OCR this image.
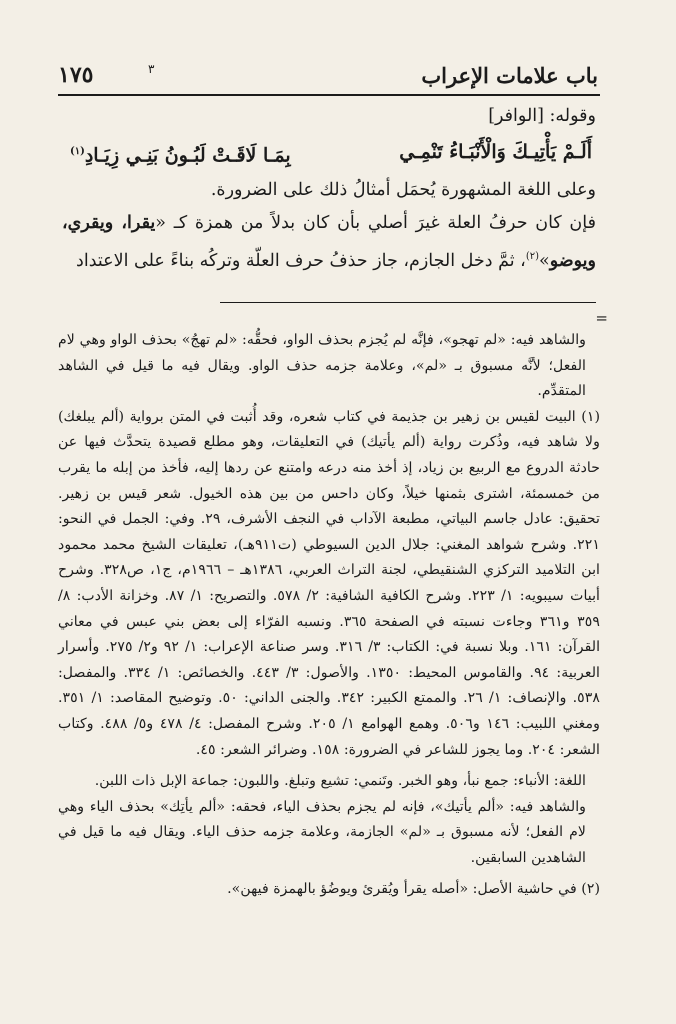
باب علامات الإعراب
١٧٥	٣

وقوله: [الوافر]

أَلَـمْ يَأْتِيـكَ وَالْأَنْبَـاءُ تَنْمِـي
بِمَـا لَاقَـتْ لَبُـونُ بَنِـي زِيَـادِ$^{(١)}$

وعلى اللغة المشهورة يُحمَل أمثالُ ذلك على الضرورة.

فإن كان حرفُ العلة غيرَ أصلي بأن كان بدلاً من همزة كـ «يقرا، ويقري، ويوضو»$^{(٢)}$، ثمَّ دخل الجازم، جاز حذفُ حرف العلّة وتركُه بناءً على الاعتداد

=

والشاهد فيه: «لم تهجو»، فإنَّه لم يُجزم بحذف الواو، فحقُّه: «لم تهجُ» بحذف الواو وهي لام الفعل؛ لأنَّه مسبوق بـ «لم»، وعلامة جزمه حذف الواو. ويقال فيه ما قيل في الشاهد المتقدِّم.

(١) البيت لقيس بن زهير بن جذيمة في كتاب شعره، وقد أُثبت في المتن برواية (ألم يبلغك) ولا شاهد فيه، وذُكرت رواية (ألم يأتيك) في التعليقات، وهو مطلع قصيدة يتحدَّث فيها عن حادثة الدروع مع الربيع بن زياد، إذ أخذ منه درعه وامتنع عن ردها إليه، فأخذ من إبله ما يقرب من خمسمئة، اشترى بثمنها خيلاً، وكان داحس من بين هذه الخيول. شعر قيس بن زهير. تحقيق: عادل جاسم البياتي، مطبعة الآداب في النجف الأشرف، ٢٩. وفي: الجمل في النحو: ٢٢١. وشرح شواهد المغني: جلال الدين السيوطي (ت٩١١هـ)، تعليقات الشيخ محمد محمود ابن التلاميد التركزي الشنقيطي، لجنة التراث العربي، ١٣٨٦هـ – ١٩٦٦م، ج١، ص٣٢٨. وشرح أبيات سيبويه: ١/ ٢٢٣. وشرح الكافية الشافية: ٢/ ٥٧٨. والتصريح: ١/ ٨٧. وخزانة الأدب: ٨/ ٣٥٩ و٣٦١ وجاءت نسبته في الصفحة ٣٦٥. ونسبه الفرّاء إلى بعض بني عبس في معاني القرآن: ١٦١. وبلا نسبة في: الكتاب: ٣/ ٣١٦. وسر صناعة الإعراب: ١/ ٩٢ و٢/ ٢٧٥. وأسرار العربية: ٩٤. والقاموس المحيط: ١٣٥٠. والأصول: ٣/ ٤٤٣. والخصائص: ١/ ٣٣٤. والمفصل: ٥٣٨. والإنصاف: ١/ ٢٦. والممتع الكبير: ٣٤٢. والجنى الداني: ٥٠. وتوضيح المقاصد: ١/ ٣٥١. ومغني اللبيب: ١٤٦ و٥٠٦. وهمع الهوامع ١/ ٢٠٥. وشرح المفصل: ٤/ ٤٧٨ و٥/ ٤٨٨. وكتاب الشعر: ٢٠٤. وما يجوز للشاعر في الضرورة: ١٥٨. وضرائر الشعر: ٤٥.

اللغة: الأنباء: جمع نبأ، وهو الخبر. وتَنمي: تشيع وتبلغ. واللبون: جماعة الإبل ذات اللبن.

والشاهد فيه: «ألم يأتيك»، فإنه لم يجزم بحذف الياء، فحقه: «ألم يأتِك» بحذف الياء وهي لام الفعل؛ لأنه مسبوق بـ «لم» الجازمة، وعلامة جزمه حذف الياء. ويقال فيه ما قيل في الشاهدين السابقين.

(٢) في حاشية الأصل: «أصله يقرأ ويُقرئ ويوضُؤ بالهمزة فيهن».
